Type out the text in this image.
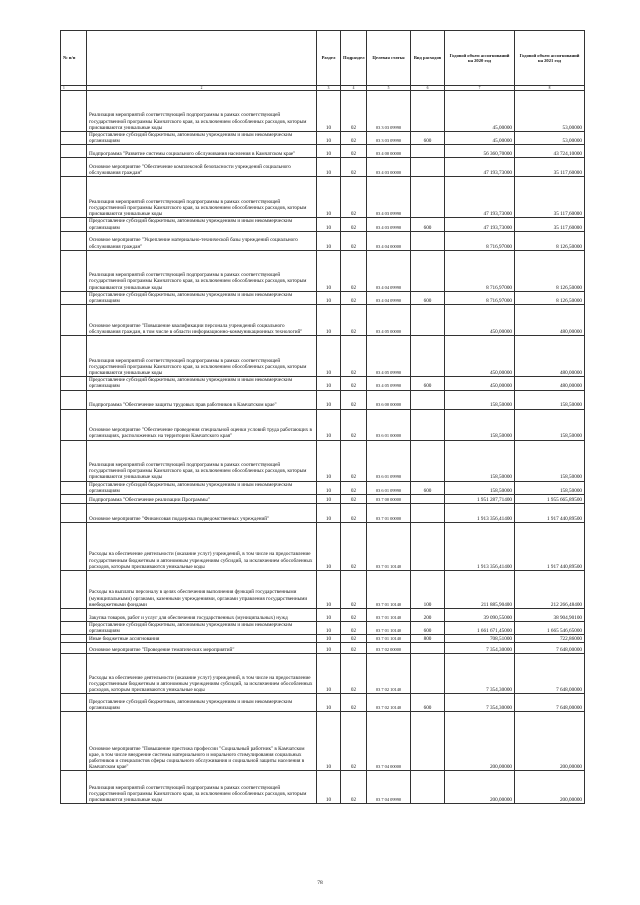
№ п/п		Раздел	Подраздел	Целевая статья	Вид расходов	Годовой объем ассигнований на 2020 год	Годовой объем ассигнований на 2021 год
1	2	3	4	5	6	7	8
	Реализация мероприятий соответствующей подпрограммы в рамках соответствующей государственной программы Камчатского края, за исключением обособленных расходов, которым присваиваются уникальные коды	10	02	03 3 03 09990		45,00000	53,00000
	Предоставление субсидий бюджетным, автономным учреждениям и иным некоммерческим организациям	10	02	03 3 03 09990	600	45,00000	53,00000
	Подпрограмма "Развитие системы социального обслуживания населения в Камчатском крае"	10	02	03 4 00 00000		56 360,70000	43 724,10000
	Основное мероприятие "Обеспечение комплексной безопасности учреждений социального обслуживания граждан"	10	02	03 4 03 00000		47 193,73000	35 117,60000
	Реализация мероприятий соответствующей подпрограммы в рамках соответствующей государственной программы Камчатского края, за исключением обособленных расходов, которым присваиваются уникальные коды	10	02	03 4 03 09990		47 193,73000	35 117,60000
	Предоставление субсидий бюджетным, автономным учреждениям и иным некоммерческим организациям	10	02	03 4 03 09990	600	47 193,73000	35 117,60000
	Основное мероприятие "Укрепление материально-технической базы учреждений социального обслуживания граждан"	10	02	03 4 04 00000		8 716,97000	8 126,50000
	Реализация мероприятий соответствующей подпрограммы в рамках соответствующей государственной программы Камчатского края, за исключением обособленных расходов, которым присваиваются уникальные коды	10	02	03 4 04 09990		8 716,97000	8 126,50000
	Предоставление субсидий бюджетным, автономным учреждениям и иным некоммерческим организациям	10	02	03 4 04 09990	600	8 716,97000	8 126,50000
	Основное мероприятие "Повышение квалификации персонала учреждений социального обслуживания граждан, в том числе в области информационно-коммуникационных технологий"	10	02	03 4 05 00000		450,00000	480,00000
	Реализация мероприятий соответствующей подпрограммы в рамках соответствующей государственной программы Камчатского края, за исключением обособленных расходов, которым присваиваются уникальные коды	10	02	03 4 05 09990		450,00000	480,00000
	Предоставление субсидий бюджетным, автономным учреждениям и иным некоммерческим организациям	10	02	03 4 05 09990	600	450,00000	480,00000
	Подпрограмма "Обеспечение защиты трудовых прав работников в Камчатском крае"	10	02	03 6 00 00000		158,50000	158,50000
	Основное мероприятие "Обеспечение проведения специальной оценки условий труда работающих в организациях, расположенных на территории Камчатского края"	10	02	03 6 01 00000		158,50000	158,50000
	Реализация мероприятий соответствующей подпрограммы в рамках соответствующей государственной программы Камчатского края, за исключением обособленных расходов, которым присваиваются уникальные коды	10	02	03 6 01 09990		158,50000	158,50000
	Предоставление субсидий бюджетным, автономным учреждениям и иным некоммерческим организациям	10	02	03 6 01 09990	600	158,50000	158,50000
	Подпрограмма "Обеспечение реализации Программы"	10	02	03 7 00 00000		1 951 287,71400	1 955 665,89500
	Основное мероприятие "Финансовая поддержка подведомственных учреждений"	10	02	03 7 01 00000		1 913 356,41400	1 917 440,89500
	Расходы на обеспечение деятельности (оказание услуг) учреждений, в том числе на предоставление государственным бюджетным и автономным учреждениям субсидий, за исключением обособленных расходов, которым присваиваются уникальные коды	10	02	03 7 01 10140		1 913 356,41400	1 917 440,89500
	Расходы на выплаты персоналу в целях обеспечения выполнения функций государственными (муниципальными) органами, казенными учреждениями, органами управления государственными внебюджетными фондами	10	02	03 7 01 10140	100	211 885,90400	212 266,48400
	Закупка товаров, работ и услуг для обеспечения государственных (муниципальных) нужд	10	02	03 7 01 10140	200	39 090,55000	38 904,90100
	Предоставление субсидий бюджетным, автономным учреждениям и иным некоммерческим организациям	10	02	03 7 01 10140	600	1 661 671,45000	1 665 546,65000
	Иные бюджетные ассигнования	10	02	03 7 01 10140	800	708,51000	722,86000
	Основное мероприятие "Проведение тематических мероприятий"	10	02	03 7 02 00000		7 354,30000	7 648,00000
	Расходы на обеспечение деятельности (оказание услуг) учреждений, в том числе на предоставление государственным бюджетным и автономным учреждениям субсидий, за исключением обособленных расходов, которым присваиваются уникальные коды	10	02	03 7 02 10140		7 354,30000	7 648,00000
	Предоставление субсидий бюджетным, автономным учреждениям и иным некоммерческим организациям	10	02	03 7 02 10140	600	7 354,30000	7 648,00000
	Основное мероприятие "Повышение престижа профессии "Социальный работник" в Камчатском крае, в том числе внедрение системы материального и морального стимулирования социальных работников и специалистов сферы социального обслуживания и социальной защиты населения в Камчатском крае"	10	02	03 7 04 00000		200,00000	200,00000
	Реализация мероприятий соответствующей подпрограммы в рамках соответствующей государственной программы Камчатского края, за исключением обособленных расходов, которым присваиваются уникальные коды	10	02	03 7 04 09990		200,00000	200,00000
78
